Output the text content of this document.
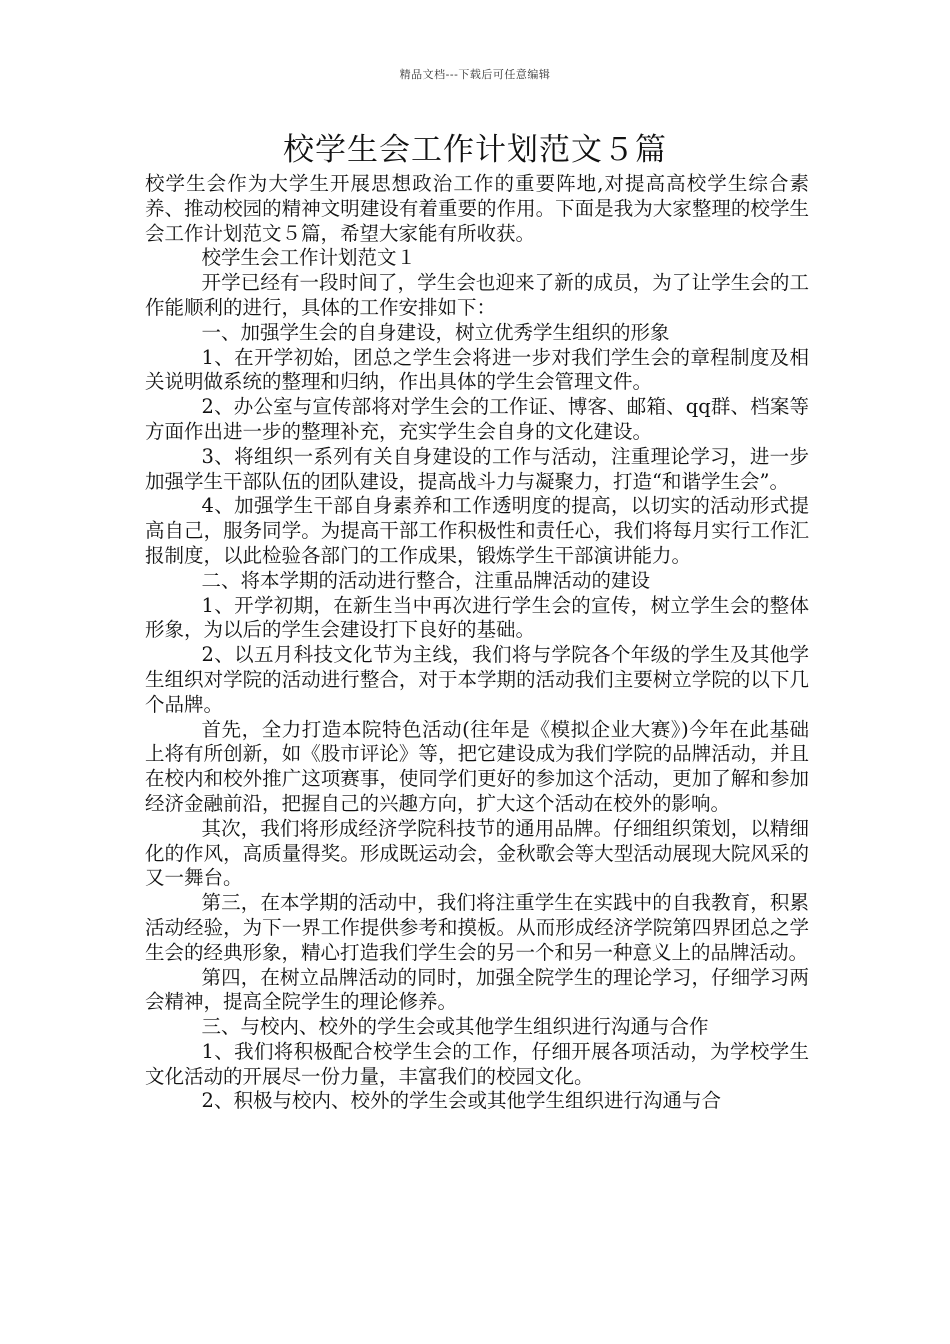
精品文档---下载后可任意编辑
校学生会工作计划范文５篇

校学生会作为大学生开展思想政治工作的重要阵地,对提高高校学生综合素养、推动校园的精神文明建设有着重要的作用。下面是我为大家整理的校学生会工作计划范文５篇，希望大家能有所收获。

校学生会工作计划范文１

开学已经有一段时间了，学生会也迎来了新的成员，为了让学生会的工作能顺利的进行，具体的工作安排如下：

一、加强学生会的自身建设，树立优秀学生组织的形象

1、在开学初始，团总之学生会将进一步对我们学生会的章程制度及相关说明做系统的整理和归纳，作出具体的学生会管理文件。

2、办公室与宣传部将对学生会的工作证、博客、邮箱、qq群、档案等方面作出进一步的整理补充，充实学生会自身的文化建设。

3、将组织一系列有关自身建设的工作与活动，注重理论学习，进一步加强学生干部队伍的团队建设，提高战斗力与凝聚力，打造“和谐学生会”。

4、加强学生干部自身素养和工作透明度的提高，以切实的活动形式提高自己，服务同学。为提高干部工作积极性和责任心，我们将每月实行工作汇报制度，以此检验各部门的工作成果，锻炼学生干部演讲能力。

二、将本学期的活动进行整合，注重品牌活动的建设

1、开学初期，在新生当中再次进行学生会的宣传，树立学生会的整体形象，为以后的学生会建设打下良好的基础。

2、以五月科技文化节为主线，我们将与学院各个年级的学生及其他学生组织对学院的活动进行整合，对于本学期的活动我们主要树立学院的以下几个品牌。

首先，全力打造本院特色活动(往年是《模拟企业大赛》)今年在此基础上将有所创新，如《股市评论》等，把它建设成为我们学院的品牌活动，并且在校内和校外推广这项赛事，使同学们更好的参加这个活动，更加了解和参加经济金融前沿，把握自己的兴趣方向，扩大这个活动在校外的影响。

其次，我们将形成经济学院科技节的通用品牌。仔细组织策划，以精细化的作风，高质量得奖。形成既运动会，金秋歌会等大型活动展现大院风采的又一舞台。

第三，在本学期的活动中，我们将注重学生在实践中的自我教育，积累活动经验，为下一界工作提供参考和摸板。从而形成经济学院第四界团总之学生会的经典形象，精心打造我们学生会的另一个和另一种意义上的品牌活动。

第四，在树立品牌活动的同时，加强全院学生的理论学习，仔细学习两会精神，提高全院学生的理论修养。

三、与校内、校外的学生会或其他学生组织进行沟通与合作

1、我们将积极配合校学生会的工作，仔细开展各项活动，为学校学生文化活动的开展尽一份力量，丰富我们的校园文化。

2、积极与校内、校外的学生会或其他学生组织进行沟通与合
